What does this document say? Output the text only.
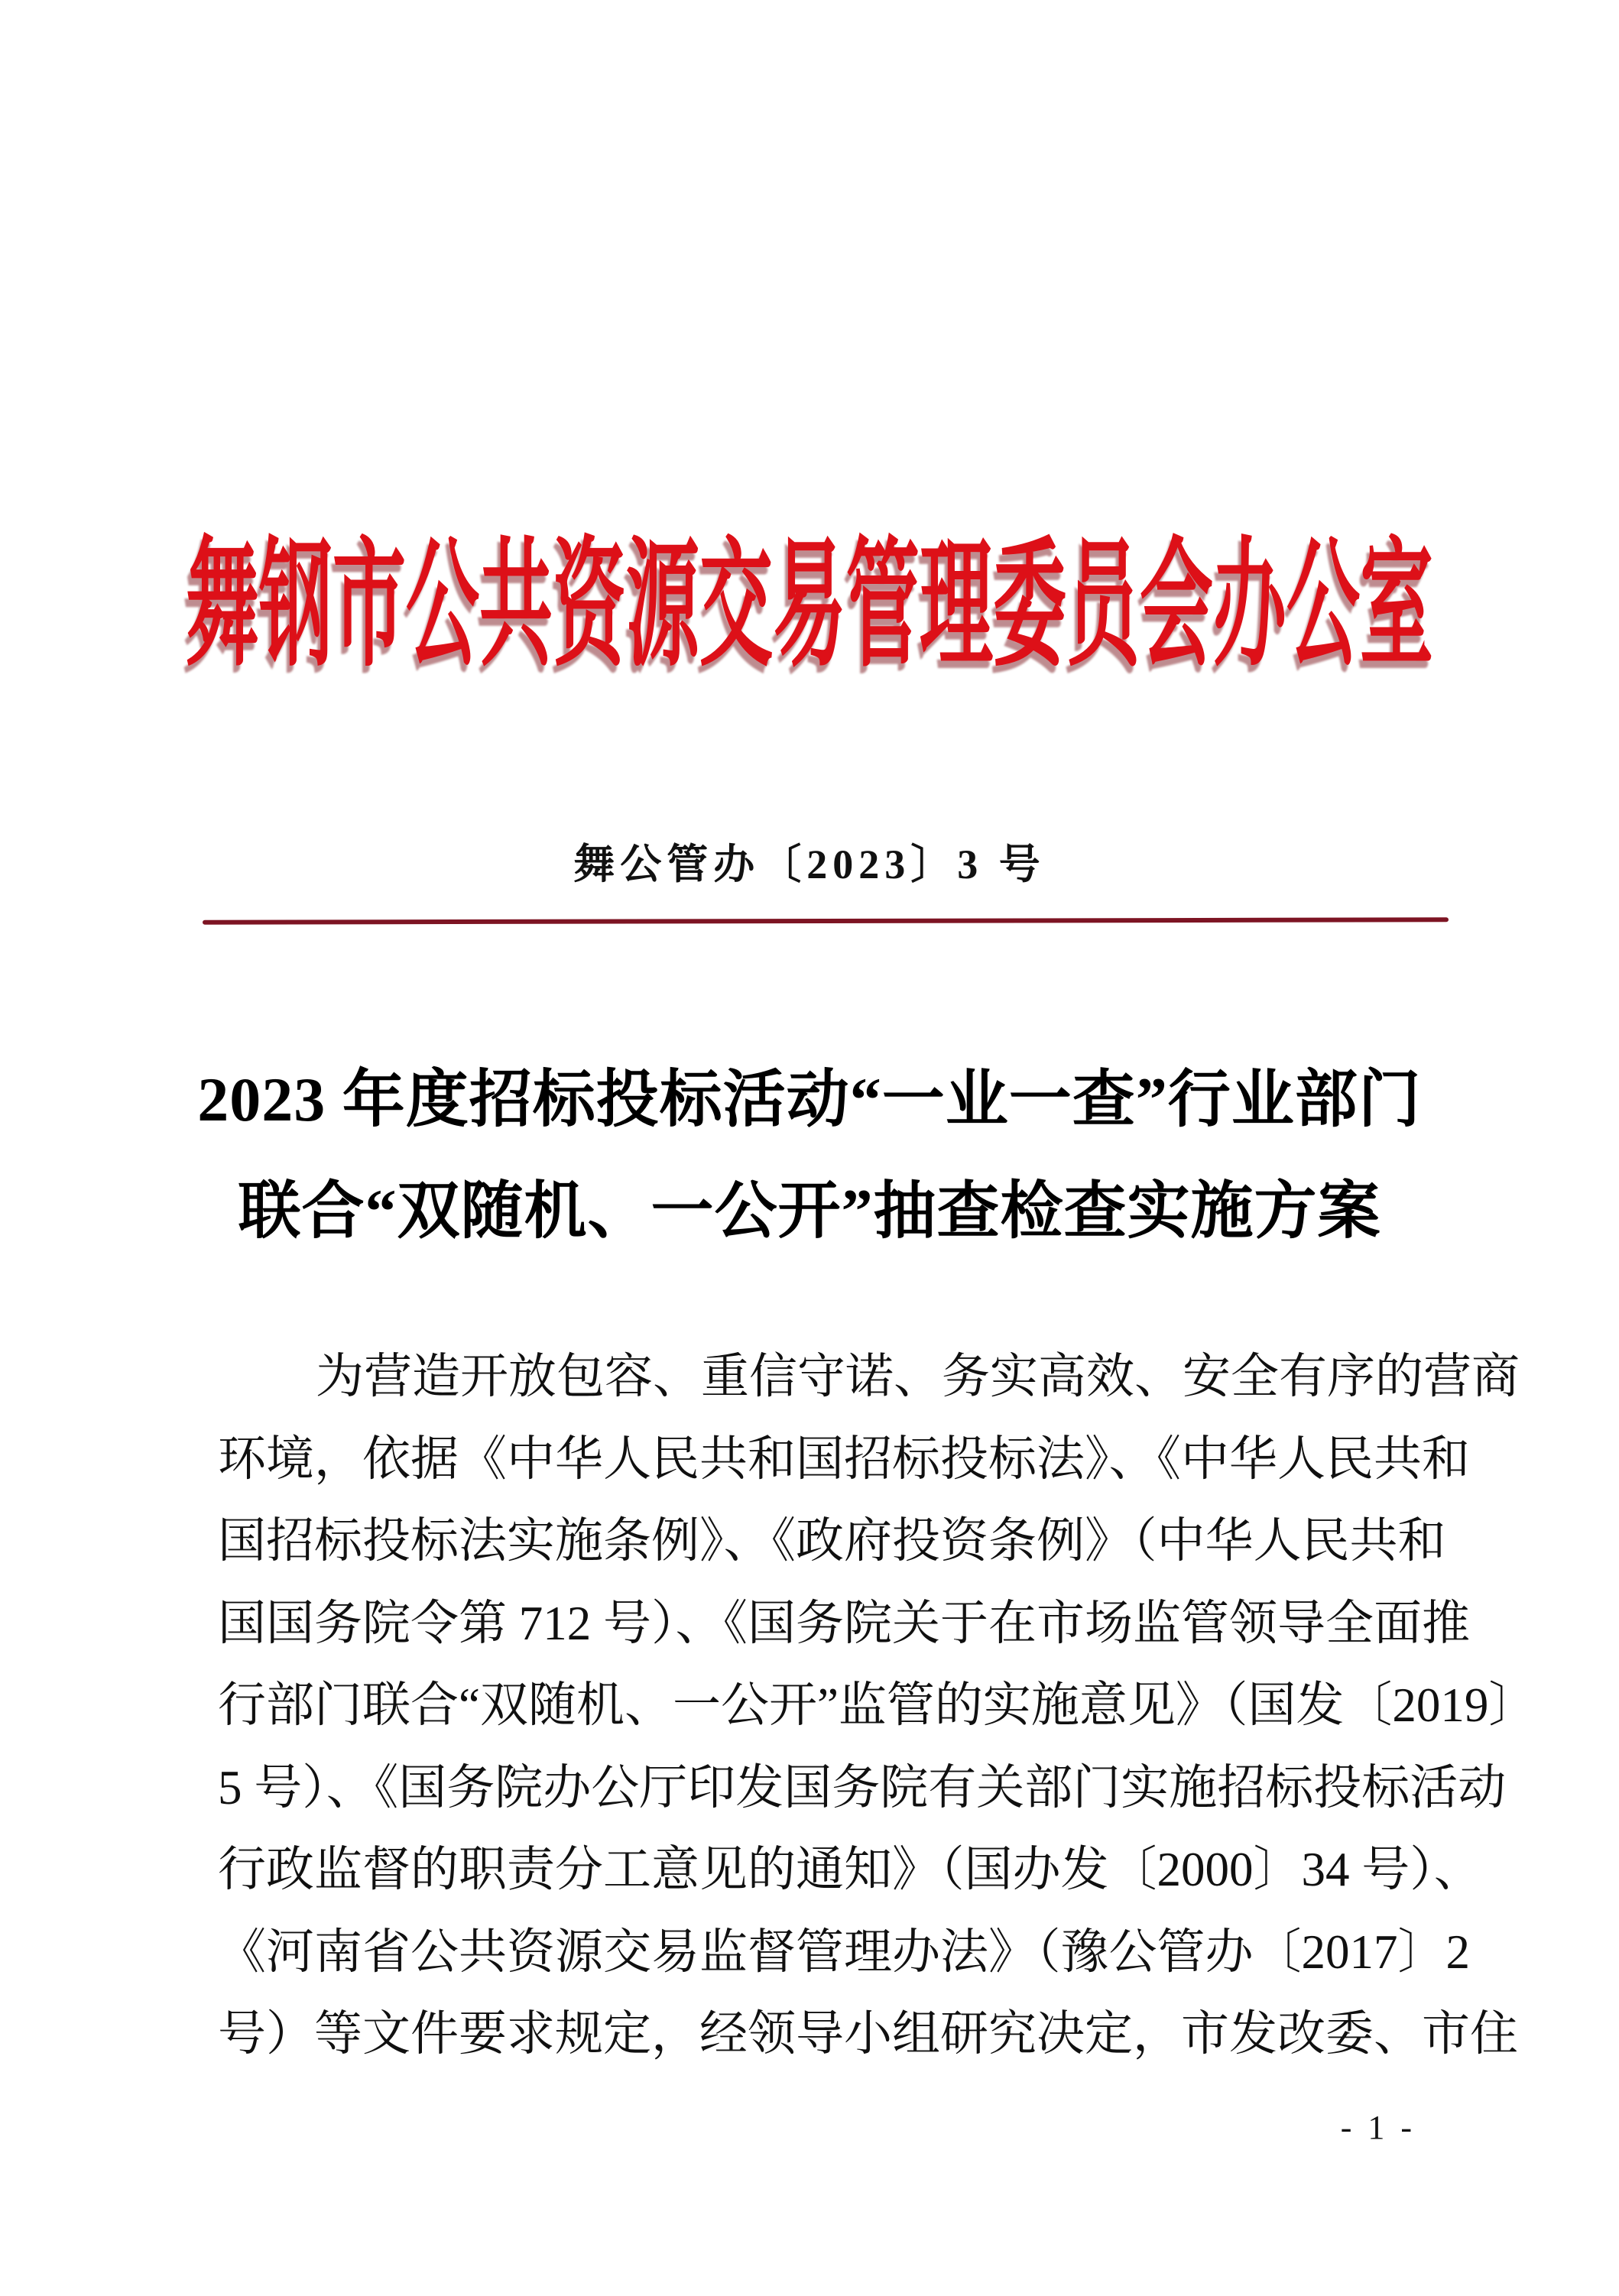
舞钢市公共资源交易管理委员会办公室
舞公管办〔2023〕3 号
2023 年度招标投标活动“一业一查”行业部门
联合“双随机、一公开”抽查检查实施方案
为营造开放包容、重信守诺、务实高效、安全有序的营商
环境，依据《中华人民共和国招标投标法》、《中华人民共和
国招标投标法实施条例》、《政府投资条例》（中华人民共和
国国务院令第 712 号）、《国务院关于在市场监管领导全面推
行部门联合“双随机、一公开”监管的实施意见》（国发〔2019〕
5 号）、《国务院办公厅印发国务院有关部门实施招标投标活动
行政监督的职责分工意见的通知》（国办发〔2000〕34 号）、
《河南省公共资源交易监督管理办法》（豫公管办〔2017〕2
号）等文件要求规定，经领导小组研究决定，市发改委、市住
- 1 -
